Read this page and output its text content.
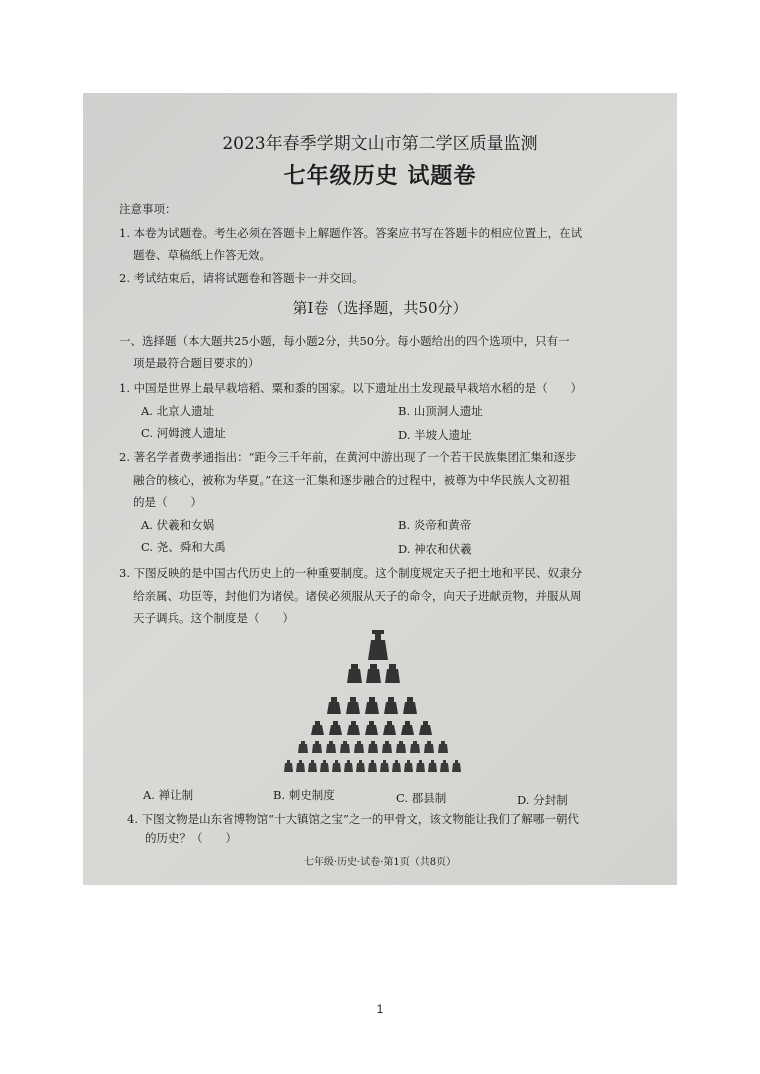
2023年春季学期文山市第二学区质量监测
七年级历史 试题卷
注意事项：
1. 本卷为试题卷。考生必须在答题卡上解题作答。答案应书写在答题卡的相应位置上，在试
题卷、草稿纸上作答无效。
2. 考试结束后，请将试题卷和答题卡一并交回。
第Ⅰ卷（选择题，共50分）
一、选择题（本大题共25小题，每小题2分，共50分。每小题给出的四个选项中，只有一
项是最符合题目要求的）
1. 中国是世界上最早栽培稻、粟和黍的国家。以下遗址出土发现最早栽培水稻的是（　　）
A. 北京人遗址	B. 山顶洞人遗址
C. 河姆渡人遗址	D. 半坡人遗址
2. 著名学者费孝通指出：“距今三千年前，在黄河中游出现了一个若干民族集团汇集和逐步
融合的核心，被称为华夏。”在这一汇集和逐步融合的过程中，被尊为中华民族人文初祖
的是（　　）
A. 伏羲和女娲	B. 炎帝和黄帝
C. 尧、舜和大禹	D. 神农和伏羲
3. 下图反映的是中国古代历史上的一种重要制度。这个制度规定天子把土地和平民、奴隶分
给亲属、功臣等，封他们为诸侯。诸侯必须服从天子的命令，向天子进献贡物，并服从周
天子调兵。这个制度是（　　）
A. 禅让制	B. 刺史制度	C. 郡县制	D. 分封制
4. 下图文物是山东省博物馆“十大镇馆之宝”之一的甲骨文，该文物能让我们了解哪一朝代
的历史？（　　）
七年级·历史·试卷·第1页（共8页）
1
